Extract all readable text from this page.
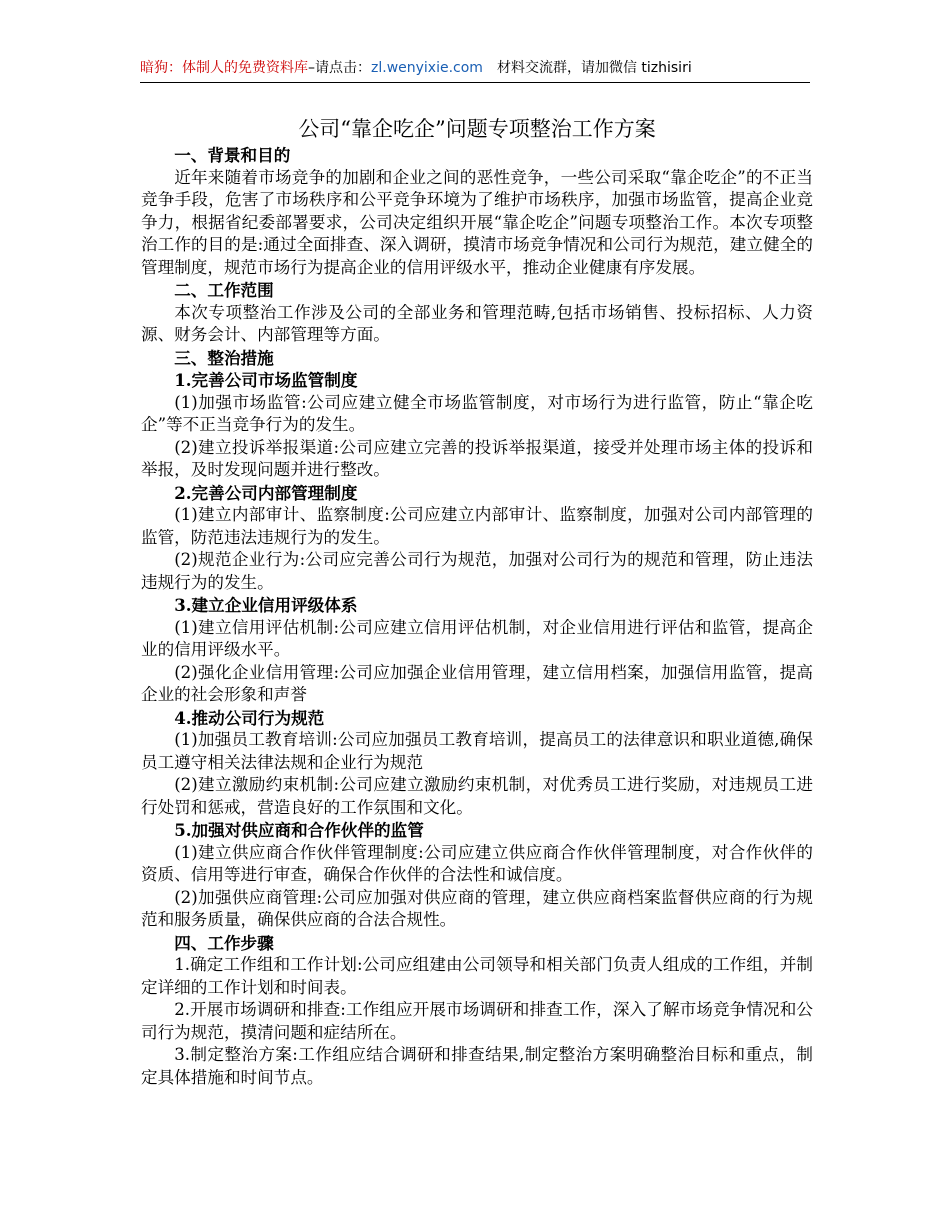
暗狗：体制人的免费资料库–请点击：zl.wenyixie.com 材料交流群，请加微信 tizhisiri
公司“靠企吃企”问题专项整治工作方案

一、背景和目的

近年来随着市场竞争的加剧和企业之间的恶性竞争，一些公司采取“靠企吃企”的不正当竞争手段，危害了市场秩序和公平竞争环境为了维护市场秩序，加强市场监管，提高企业竞争力，根据省纪委部署要求，公司决定组织开展“靠企吃企”问题专项整治工作。本次专项整治工作的目的是:通过全面排查、深入调研，摸清市场竞争情况和公司行为规范，建立健全的管理制度，规范市场行为提高企业的信用评级水平，推动企业健康有序发展。

二、工作范围

本次专项整治工作涉及公司的全部业务和管理范畴,包括市场销售、投标招标、人力资源、财务会计、内部管理等方面。

三、整治措施

1.完善公司市场监管制度

(1)加强市场监管:公司应建立健全市场监管制度，对市场行为进行监管，防止“靠企吃企”等不正当竞争行为的发生。

(2)建立投诉举报渠道:公司应建立完善的投诉举报渠道，接受并处理市场主体的投诉和举报，及时发现问题并进行整改。

2.完善公司内部管理制度

(1)建立内部审计、监察制度:公司应建立内部审计、监察制度，加强对公司内部管理的监管，防范违法违规行为的发生。

(2)规范企业行为:公司应完善公司行为规范，加强对公司行为的规范和管理，防止违法违规行为的发生。

3.建立企业信用评级体系

(1)建立信用评估机制:公司应建立信用评估机制，对企业信用进行评估和监管，提高企业的信用评级水平。

(2)强化企业信用管理:公司应加强企业信用管理，建立信用档案，加强信用监管，提高企业的社会形象和声誉

4.推动公司行为规范

(1)加强员工教育培训:公司应加强员工教育培训，提高员工的法律意识和职业道德,确保员工遵守相关法律法规和企业行为规范

(2)建立激励约束机制:公司应建立激励约束机制，对优秀员工进行奖励，对违规员工进行处罚和惩戒，营造良好的工作氛围和文化。

5.加强对供应商和合作伙伴的监管

(1)建立供应商合作伙伴管理制度:公司应建立供应商合作伙伴管理制度，对合作伙伴的资质、信用等进行审查，确保合作伙伴的合法性和诚信度。

(2)加强供应商管理:公司应加强对供应商的管理，建立供应商档案监督供应商的行为规范和服务质量，确保供应商的合法合规性。

四、工作步骤

1.确定工作组和工作计划:公司应组建由公司领导和相关部门负责人组成的工作组，并制定详细的工作计划和时间表。

2.开展市场调研和排查:工作组应开展市场调研和排查工作，深入了解市场竞争情况和公司行为规范，摸清问题和症结所在。

3.制定整治方案:工作组应结合调研和排查结果,制定整治方案明确整治目标和重点，制定具体措施和时间节点。
